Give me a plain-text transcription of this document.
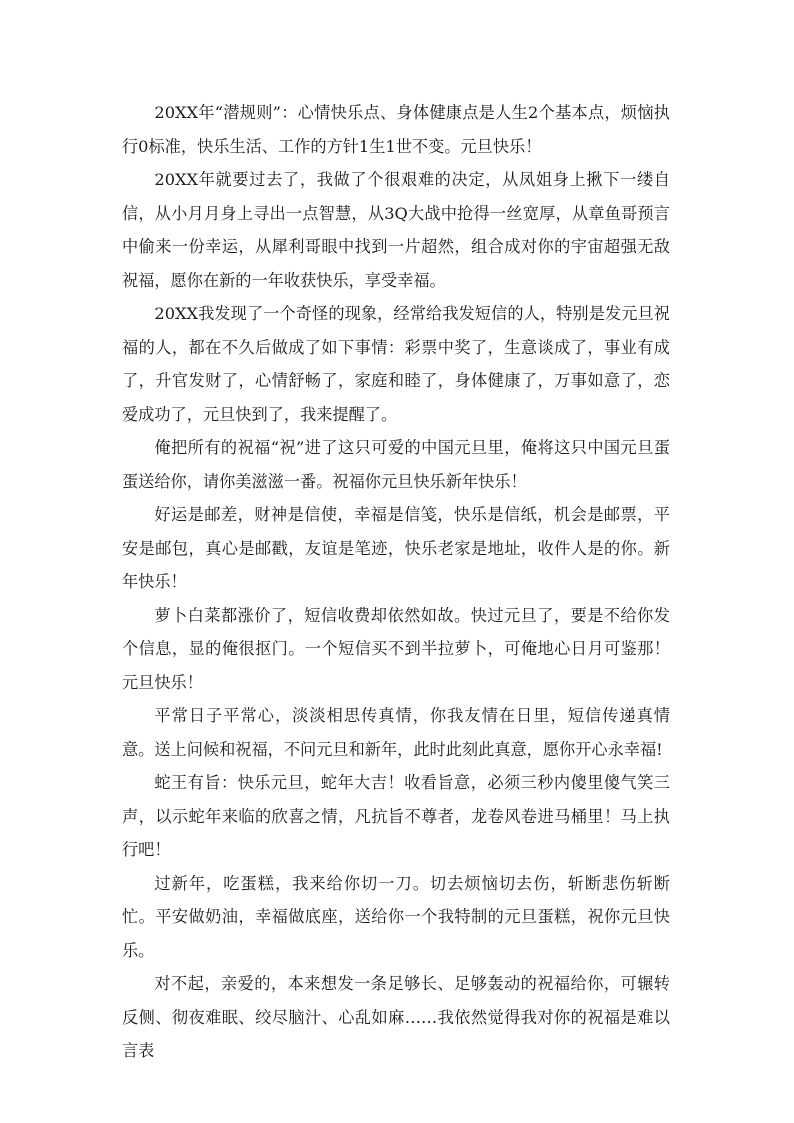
20XX年“潜规则”：心情快乐点、身体健康点是人生2个基本点，烦恼执行0标准，快乐生活、工作的方针1生1世不变。元旦快乐！

20XX年就要过去了，我做了个很艰难的决定，从凤姐身上揪下一缕自信，从小月月身上寻出一点智慧，从3Q大战中抢得一丝宽厚，从章鱼哥预言中偷来一份幸运，从犀利哥眼中找到一片超然，组合成对你的宇宙超强无敌祝福，愿你在新的一年收获快乐，享受幸福。

20XX我发现了一个奇怪的现象，经常给我发短信的人，特别是发元旦祝福的人，都在不久后做成了如下事情：彩票中奖了，生意谈成了，事业有成了，升官发财了，心情舒畅了，家庭和睦了，身体健康了，万事如意了，恋爱成功了，元旦快到了，我来提醒了。

俺把所有的祝福“祝”进了这只可爱的中国元旦里，俺将这只中国元旦蛋蛋送给你，请你美滋滋一番。祝福你元旦快乐新年快乐！

好运是邮差，财神是信使，幸福是信笺，快乐是信纸，机会是邮票，平安是邮包，真心是邮戳，友谊是笔迹，快乐老家是地址，收件人是的你。新年快乐！

萝卜白菜都涨价了，短信收费却依然如故。快过元旦了，要是不给你发个信息，显的俺很抠门。一个短信买不到半拉萝卜，可俺地心日月可鉴那！元旦快乐！

平常日子平常心，淡淡相思传真情，你我友情在日里，短信传递真情意。送上问候和祝福，不问元旦和新年，此时此刻此真意，愿你开心永幸福!

蛇王有旨：快乐元旦，蛇年大吉！收看旨意，必须三秒内傻里傻气笑三声，以示蛇年来临的欣喜之情，凡抗旨不尊者，龙卷风卷进马桶里！马上执行吧！

过新年，吃蛋糕，我来给你切一刀。切去烦恼切去伤，斩断悲伤斩断忙。平安做奶油，幸福做底座，送给你一个我特制的元旦蛋糕，祝你元旦快乐。

对不起，亲爱的，本来想发一条足够长、足够轰动的祝福给你，可辗转反侧、彻夜难眠、绞尽脑汁、心乱如麻……我依然觉得我对你的祝福是难以言表
